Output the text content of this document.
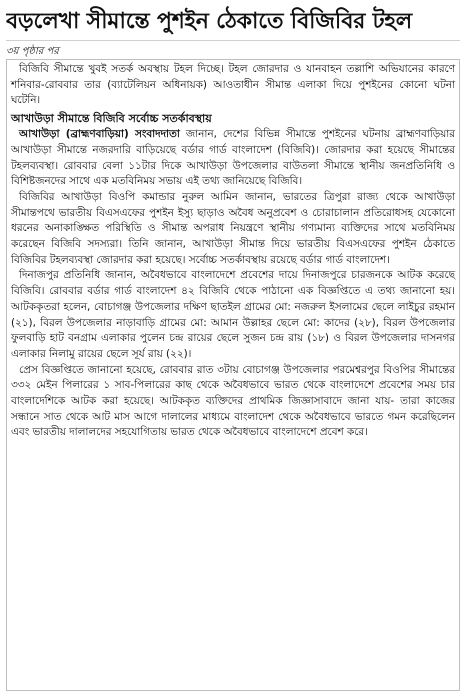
বড়লেখা সীমান্তে পুশইন ঠেকাতে বিজিবির টহল
৩য় পৃষ্ঠার পর

বিজিবি সীমান্তে খুবই সতর্ক অবস্থায় টহল দিচ্ছে। টহল জোরদার ও যানবাহন তল্লাশি অভিযানের কারণে শনিবার-রোববার তার (ব্যাটেলিয়ন অধিনায়ক) আওতাধীন সীমান্ত এলাকা দিয়ে পুশইনের কোনো ঘটনা ঘটেনি।

আখাউড়া সীমান্তে বিজিবি সর্বোচ্চ সতর্কাবস্থায়

আখাউড়া (ব্রাহ্মণবাড়িয়া) সংবাদদাতা জানান, দেশের বিভিন্ন সীমান্তে পুশইনের ঘটনায় ব্রাহ্মণবাড়িয়ার আখাউড়া সীমান্তে নজরদারি বাড়িয়েছে বর্ডার গার্ড বাংলাদেশ (বিজিবি)। জোরদার করা হয়েছে সীমান্তের টহলব্যবস্থা। রোববার বেলা ১১টার দিকে আখাউড়া উপজেলার বাউতলা সীমান্তে স্থানীয় জনপ্রতিনিধি ও বিশিষ্টজনদের সাথে এক মতবিনিময় সভায় এই তথ্য জানিয়েছে বিজিবি।

বিজিবির আখাউড়া বিওপি কমান্ডার নুরুল আমিন জানান, ভারতের ত্রিপুরা রাজ্য থেকে আখাউড়া সীমান্তপথে ভারতীয় বিএসএফের পুশইন ইস্যু ছাড়াও অবৈধ অনুপ্রবেশ ও চোরাচালান প্রতিরোধসহ যেকোনো ধরনের অনাকাঙ্ক্ষিত পরিস্থিতি ও সীমান্ত অপরাধ নিয়ন্ত্রণে স্থানীয় গণ্যমান্য ব্যক্তিদের সাথে মতবিনিময় করেছেন বিজিবি সদস্যরা। তিনি জানান, আখাউড়া সীমান্ত দিয়ে ভারতীয় বিএসএফের পুশইন ঠেকাতে বিজিবির টহলব্যবস্থা জোরদার করা হয়েছে। সর্বোচ্চ সতর্কাবস্থায় রয়েছে বর্ডার গার্ড বাংলাদেশ।

দিনাজপুর প্রতিনিধি জানান, অবৈধভাবে বাংলাদেশে প্রবেশের দায়ে দিনাজপুরে চারজনকে আটক করেছে বিজিবি। রোববার বর্ডার গার্ড বাংলাদেশ ৪২ বিজিবি থেকে পাঠানো এক বিজ্ঞপ্তিতে এ তথ্য জানানো হয়। আটককৃতরা হলেন, বোচাগঞ্জ উপজেলার দক্ষিণ ছাতইল গ্রামের মো: নজরুল ইসলামের ছেলে লাইচুর রহমান (২১), বিরল উপজেলার নাড়াবাড়ি গ্রামের মো: আমান উল্লাহর ছেলে মো: কাদের (২৮), বিরল উপজেলার ফুলবাড়ি হাট বনগ্রাম এলাকার পুলেন চন্দ্র রায়ের ছেলে সুজন চন্দ্র রায় (১৮) ও বিরল উপজেলার দাসনগর এলাকার নিলামু রায়ের ছেলে সূর্য রায় (২২)।

প্রেস বিজ্ঞপ্তিতে জানানো হয়েছে, রোববার রাত ৩টায় বোচাগঞ্জ উপজেলার পরমেশ্বরপুর বিওপির সীমান্তের ৩৩২ মেইন পিলারের ১ সাব-পিলারের কাছ থেকে অবৈধভাবে ভারত থেকে বাংলাদেশে প্রবেশের সময় চার বাংলাদেশিকে আটক করা হয়েছে। আটককৃত ব্যক্তিদের প্রাথমিক জিজ্ঞাসাবাদে জানা যায়- তারা কাজের সন্ধানে সাত থেকে আট মাস আগে দালালের মাধ্যমে বাংলাদেশ থেকে অবৈধভাবে ভারতে গমন করেছিলেন এবং ভারতীয় দালালদের সহযোগিতায় ভারত থেকে অবৈধভাবে বাংলাদেশে প্রবেশ করে।
